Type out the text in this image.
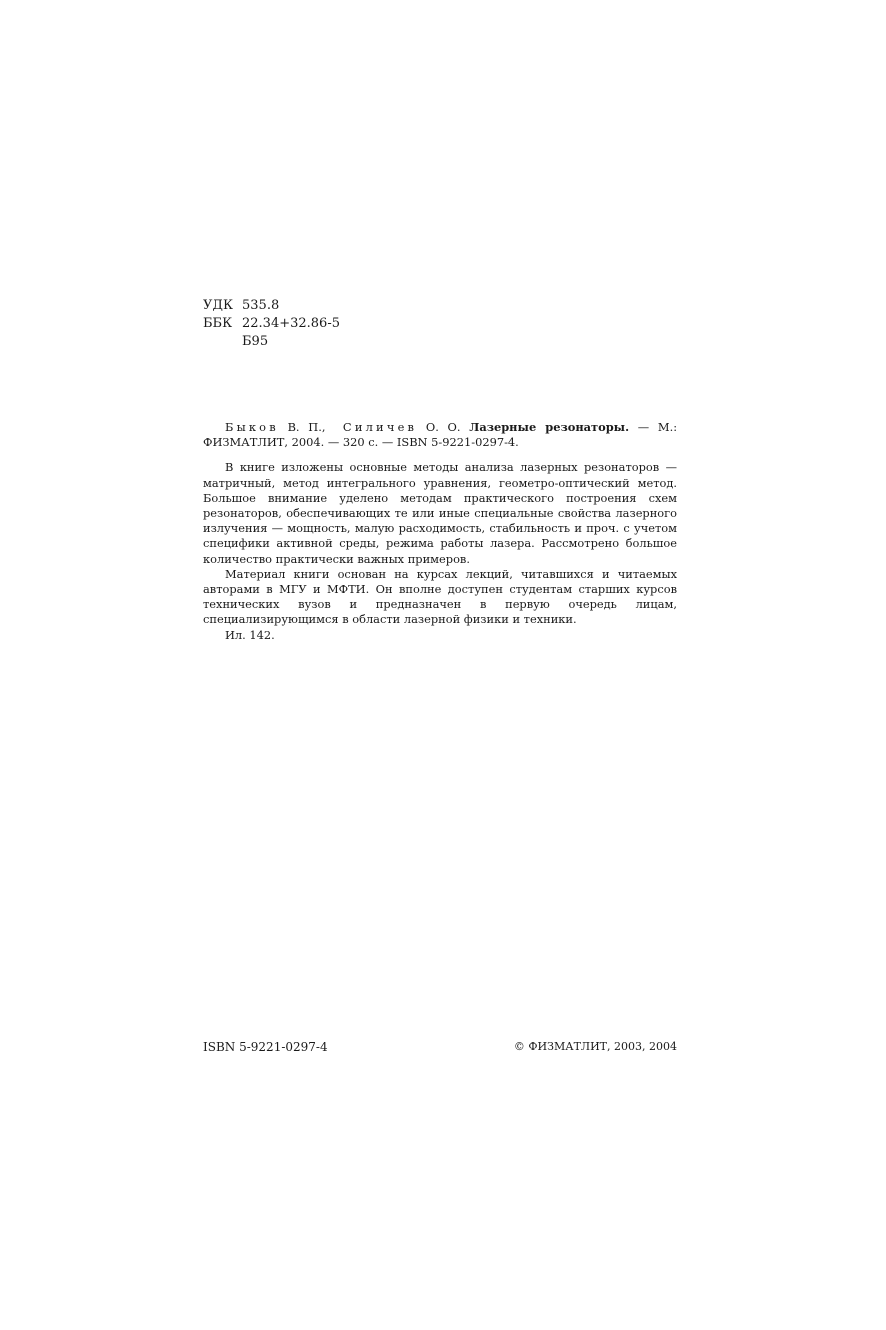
УДК 535.8
ББК 22.34+32.86-5
Б95

Быков В. П., Силичев О. О. Лазерные резонаторы. — М.: ФИЗМАТЛИТ, 2004. — 320 с. — ISBN 5-9221-0297-4.

В книге изложены основные методы анализа лазерных резонаторов — матричный, метод интегрального уравнения, геометро-оптический метод. Большое внимание уделено методам практического построения схем резонаторов, обеспечивающих те или иные специальные свойства лазерного излучения — мощность, малую расходимость, стабильность и проч. с учетом специфики активной среды, режима работы лазера. Рассмотрено большое количество практически важных примеров.

Материал книги основан на курсах лекций, читавшихся и читаемых авторами в МГУ и МФТИ. Он вполне доступен студентам старших курсов технических вузов и предназначен в первую очередь лицам, специализирующимся в области лазерной физики и техники.

Ил. 142.

ISBN 5-9221-0297-4	© ФИЗМАТЛИТ, 2003, 2004
